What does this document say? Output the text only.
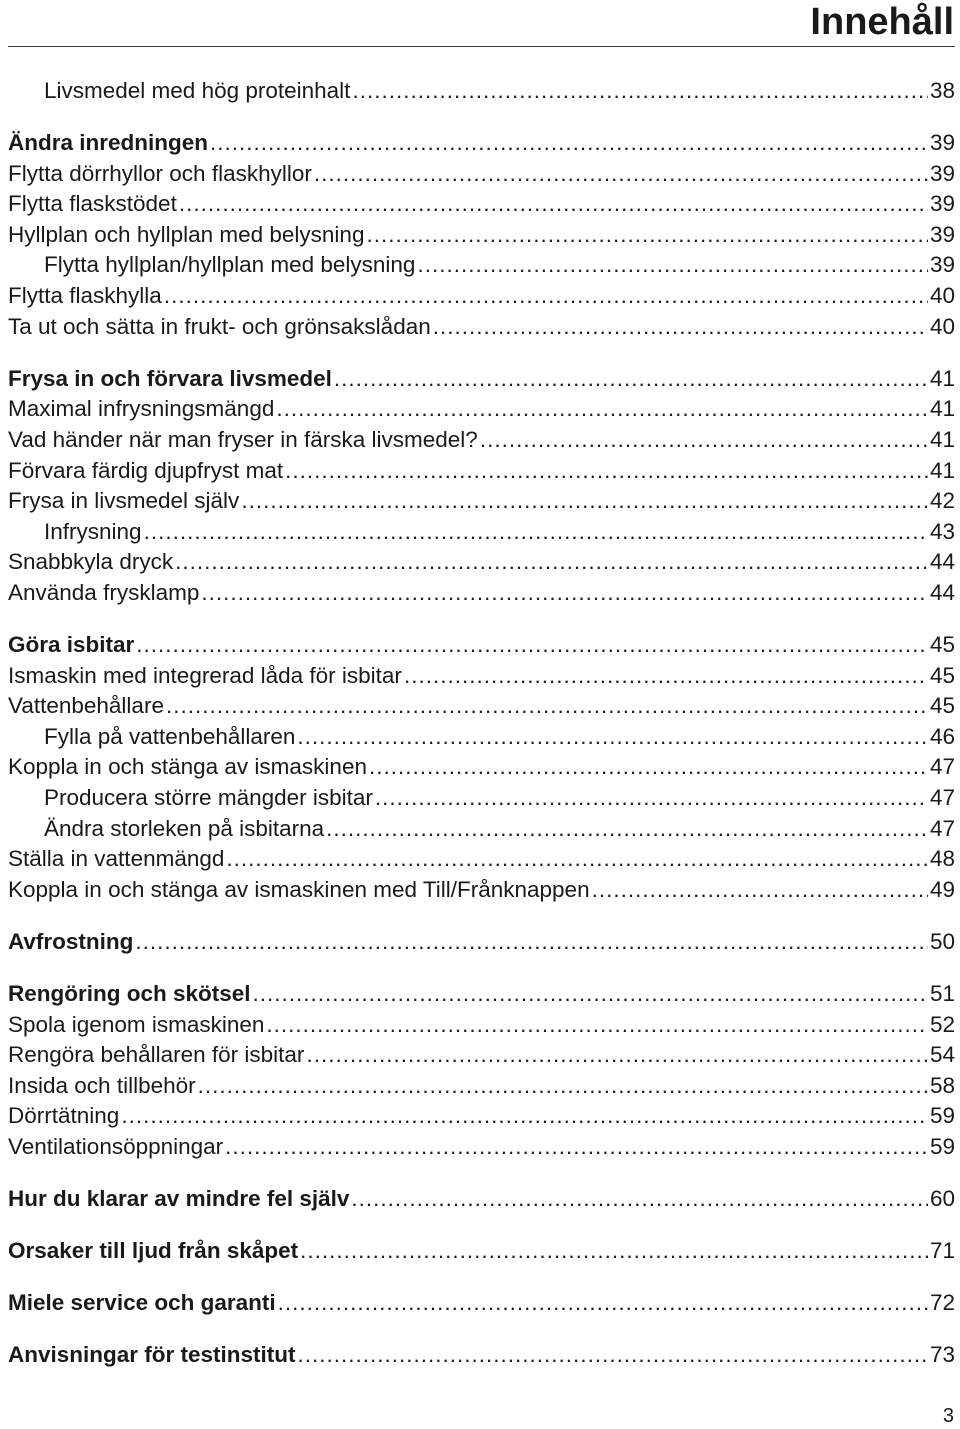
Innehåll
Livsmedel med hög proteinhalt .....	38
Ändra inredningen .....	39
Flytta dörrhyllor och flaskhyllor .....	39
Flytta flaskstödet .....	39
Hyllplan och hyllplan med belysning .....	39
Flytta hyllplan/hyllplan med belysning .....	39
Flytta flaskhylla .....	40
Ta ut och sätta in frukt- och grönsakslådan .....	40
Frysa in och förvara livsmedel .....	41
Maximal infrysningsmängd .....	41
Vad händer när man fryser in färska livsmedel? .....	41
Förvara färdig djupfryst mat .....	41
Frysa in livsmedel själv .....	42
Infrysning .....	43
Snabbkyla dryck .....	44
Använda frysklamp .....	44
Göra isbitar .....	45
Ismaskin med integrerad låda för isbitar .....	45
Vattenbehållare .....	45
Fylla på vattenbehållaren .....	46
Koppla in och stänga av ismaskinen .....	47
Producera större mängder isbitar .....	47
Ändra storleken på isbitarna .....	47
Ställa in vattenmängd .....	48
Koppla in och stänga av ismaskinen med Till/Frånknappen .....	49
Avfrostning .....	50
Rengöring och skötsel .....	51
Spola igenom ismaskinen .....	52
Rengöra behållaren för isbitar .....	54
Insida och tillbehör .....	58
Dörrtätning .....	59
Ventilationsöppningar .....	59
Hur du klarar av mindre fel själv .....	60
Orsaker till ljud från skåpet .....	71
Miele service och garanti .....	72
Anvisningar för testinstitut .....	73
3
